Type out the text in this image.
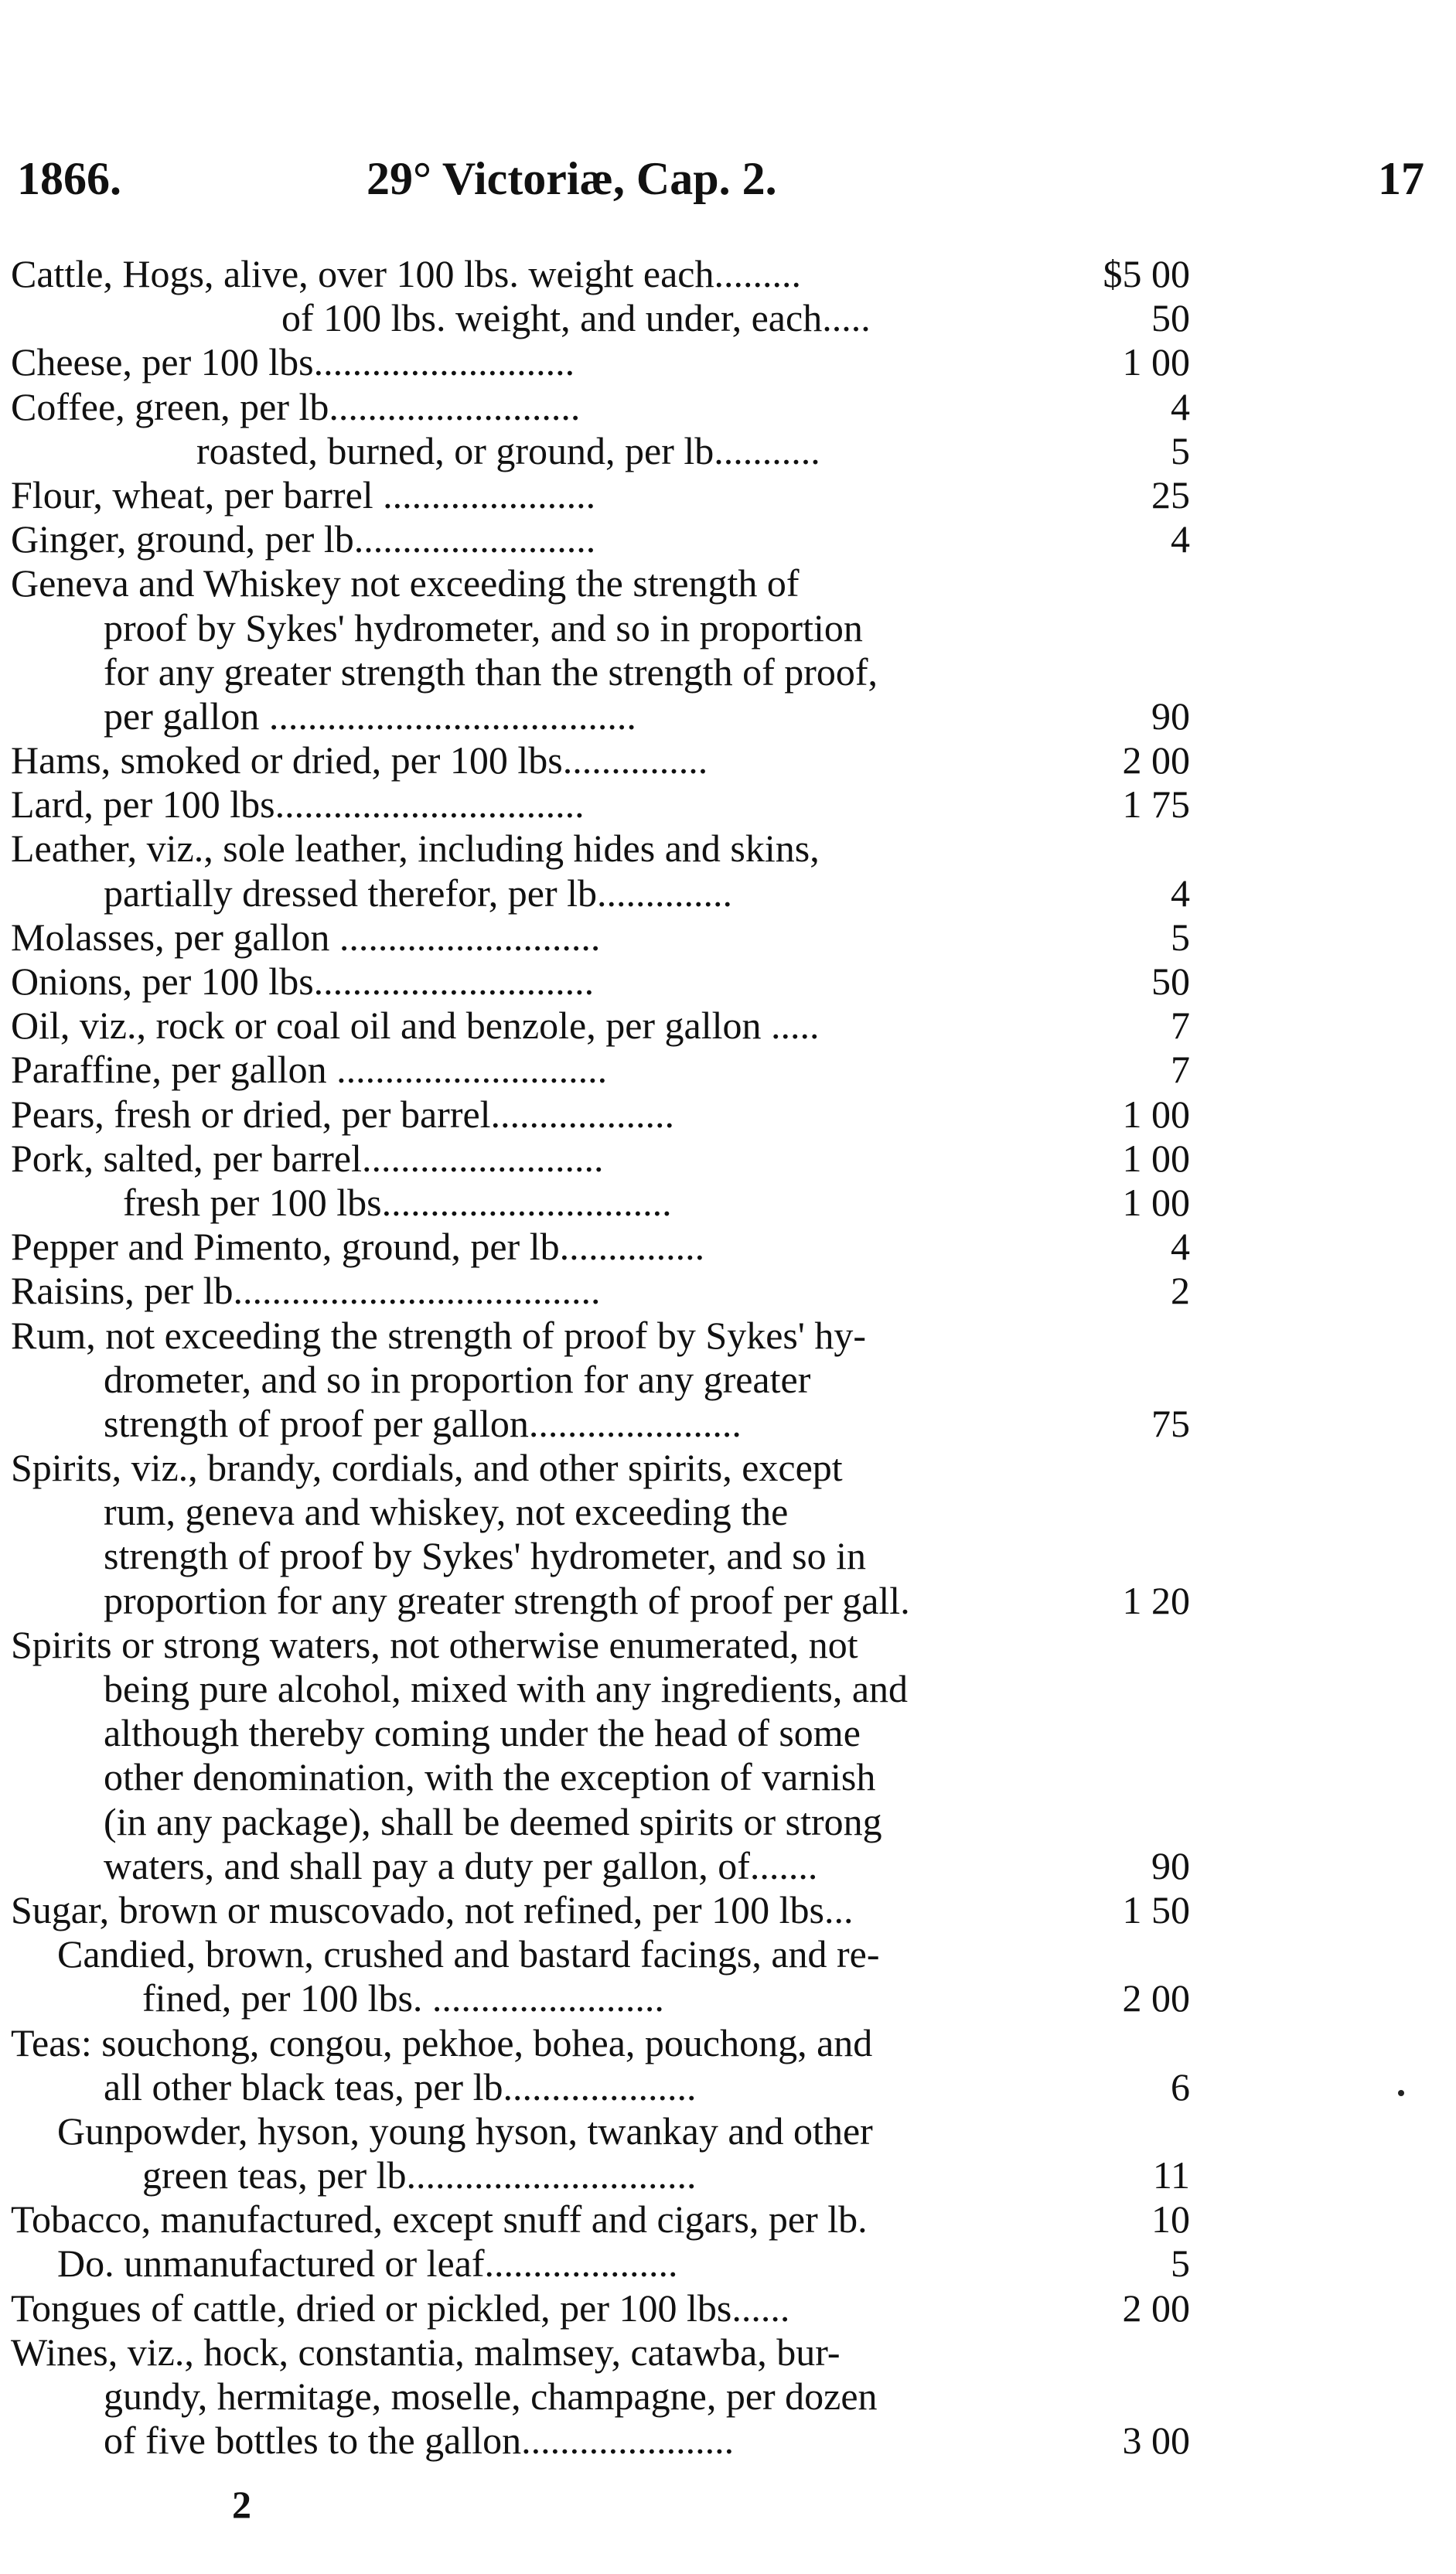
1866.	29° Victoriæ, Cap. 2.	17
Cattle, Hogs, alive, over 100 lbs. weight each.........	$5 00
of 100 lbs. weight, and under, each.....	50
Cheese, per 100 lbs...........................	1 00
Coffee, green, per lb..........................	4
roasted, burned, or ground, per lb...........	5
Flour, wheat, per barrel ......................	25
Ginger, ground, per lb.........................	4
Geneva and Whiskey not exceeding the strength of
proof by Sykes' hydrometer, and so in proportion
for any greater strength than the strength of proof,
per gallon ......................................	90
Hams, smoked or dried, per 100 lbs...............	2 00
Lard, per 100 lbs................................	1 75
Leather, viz., sole leather, including hides and skins,
partially dressed therefor, per lb..............	4
Molasses, per gallon ...........................	5
Onions, per 100 lbs.............................	50
Oil, viz., rock or coal oil and benzole, per gallon .....	7
Paraffine, per gallon ............................	7
Pears, fresh or dried, per barrel...................	1 00
Pork, salted, per barrel.........................	1 00
fresh per 100 lbs..............................	1 00
Pepper and Pimento, ground, per lb...............	4
Raisins, per lb......................................	2
Rum, not exceeding the strength of proof by Sykes' hy-
drometer, and so in proportion for any greater
strength of proof per gallon......................	75
Spirits, viz., brandy, cordials, and other spirits, except
rum, geneva and whiskey, not exceeding the
strength of proof by Sykes' hydrometer, and so in
proportion for any greater strength of proof per gall.	1 20
Spirits or strong waters, not otherwise enumerated, not
being pure alcohol, mixed with any ingredients, and
although thereby coming under the head of some
other denomination, with the exception of varnish
(in any package), shall be deemed spirits or strong
waters, and shall pay a duty per gallon, of.......	90
Sugar, brown or muscovado, not refined, per 100 lbs...	1 50
Candied, brown, crushed and bastard facings, and re-
fined, per 100 lbs. ........................	2 00
Teas: souchong, congou, pekhoe, bohea, pouchong, and
all other black teas, per lb....................	6
Gunpowder, hyson, young hyson, twankay and other
green teas, per lb..............................	11
Tobacco, manufactured, except snuff and cigars, per lb.	10
Do. unmanufactured or leaf....................	5
Tongues of cattle, dried or pickled, per 100 lbs......	2 00
Wines, viz., hock, constantia, malmsey, catawba, bur-
gundy, hermitage, moselle, champagne, per dozen
of five bottles to the gallon......................	3 00
2
